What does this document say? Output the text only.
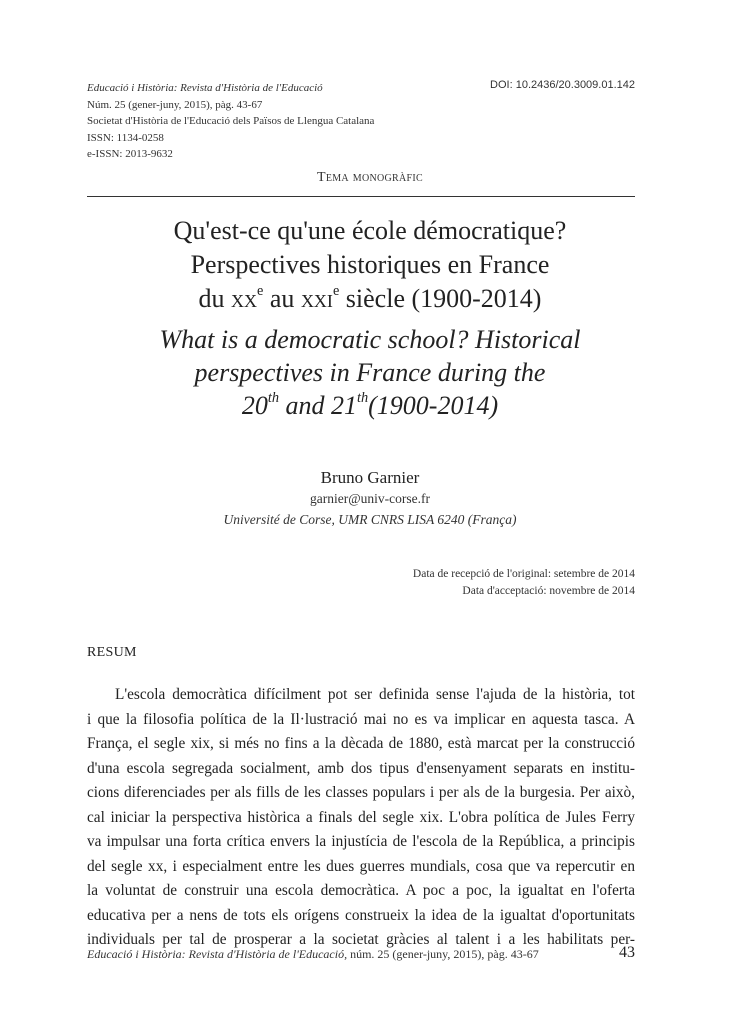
Educació i Història: Revista d'Història de l'Educació
Núm. 25 (gener-juny, 2015), pàg. 43-67
Societat d'Història de l'Educació dels Països de Llengua Catalana
ISSN: 1134-0258
e-ISSN: 2013-9632
DOI: 10.2436/20.3009.01.142
Tema monogràfic
Qu'est-ce qu'une école démocratique?
Perspectives historiques en France
du $xx^e$ au xxi$^e$ siècle (1900-2014)
What is a democratic school? Historical
perspectives in France during the
20th and 21th(1900-2014)
Bruno Garnier
garnier@univ-corse.fr
Université de Corse, UMR CNRS LISA 6240 (França)
Data de recepció de l'original: setembre de 2014
Data d'acceptació: novembre de 2014
RESUM
L'escola democràtica difícilment pot ser definida sense l'ajuda de la història, tot
i que la filosofia política de la Il·lustració mai no es va implicar en aquesta tasca. A
França, el segle xix, si més no fins a la dècada de 1880, està marcat per la construcció
d'una escola segregada socialment, amb dos tipus d'ensenyament separats en institu-
cions diferenciades per als fills de les classes populars i per als de la burgesia. Per això,
cal iniciar la perspectiva històrica a finals del segle xix. L'obra política de Jules Ferry
va impulsar una forta crítica envers la injustícia de l'escola de la República, a principis
del segle xx, i especialment entre les dues guerres mundials, cosa que va repercutir en
la voluntat de construir una escola democràtica. A poc a poc, la igualtat en l'oferta
educativa per a nens de tots els orígens construeix la idea de la igualtat d'oportunitats
individuals per tal de prosperar a la societat gràcies al talent i a les habilitats per-
Educació i Història: Revista d'Història de l'Educació, núm. 25 (gener-juny, 2015), pàg. 43-67	43
